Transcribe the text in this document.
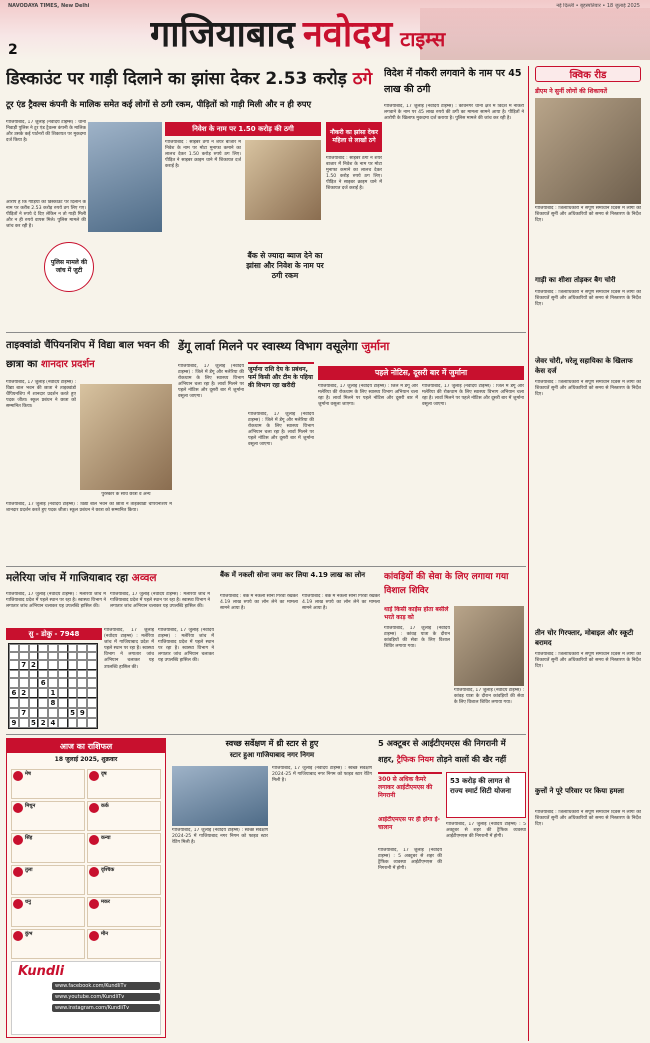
NAVODAYA TIMES, New Delhi	नई दिल्ली • बृहस्पतिवार • 18 जुलाई 2025
2	गाजियाबाद नवोदय टाइम्स
डिस्काउंट पर गाड़ी दिलाने का झांसा देकर 2.53 करोड़ ठगे
टूर एंड ट्रैवल्स कंपनी के मालिक समेत कई लोगों से ठगी रकम, पीड़ितों को गाड़ी मिली और न ही रुपए
गाजियाबाद, 17 जुलाई (नवोदय टाइम्स) : थाना निवाड़ी पुलिस ने टूर एंड ट्रैवल्स कंपनी के मालिक और उसके कई पार्टनरों की शिकायत पर मुकदमा दर्ज किया है।
आरोप है कि गाड़ियों को डिस्काउंट पर दिलाने के नाम पर करीब 2.53 करोड़ रुपये ठग लिए गए। पीड़ितों ने रुपये दे दिए लेकिन न तो गाड़ी मिली और न ही रुपये वापस मिले। पुलिस मामले की जांच कर रही है।
पुलिस मामले की जांच में जुटी
निवेश के नाम पर 1.50 करोड़ की ठगी
गाजियाबाद : साइबर ठगों ने शेयर बाजार में निवेश के नाम पर मोटा मुनाफा कमाने का लालच देकर 1.50 करोड़ रुपये ठग लिए। पीड़ित ने साइबर क्राइम थाने में शिकायत दर्ज कराई है।
बैंक से ज्यादा ब्याज देने का झांसा और निवेश के नाम पर ठगी रकम
नौकरी का झांसा देकर महिला से लाखों ठगे
गाजियाबाद : साइबर ठगों ने शेयर बाजार में निवेश के नाम पर मोटा मुनाफा कमाने का लालच देकर 1.50 करोड़ रुपये ठग लिए। पीड़ित ने साइबर क्राइम थाने में शिकायत दर्ज कराई है।
विदेश में नौकरी लगवाने के नाम पर 45 लाख की ठगी
गाजियाबाद, 17 जुलाई (नवोदय टाइम्स) : कविनगर थाना क्षेत्र में विदेश में नौकरी लगवाने के नाम पर 45 लाख रुपये की ठगी का मामला सामने आया है। पीड़ितों ने आरोपी के खिलाफ मुकदमा दर्ज कराया है। पुलिस मामले की जांच कर रही है।
क्विक रीड
डीएम ने सुनीं लोगों की शिकायतें
गाजियाबाद : जिलाधिकारी ने संपूर्ण समाधान दिवस में लोगों की शिकायतें सुनीं और अधिकारियों को समय से निस्तारण के निर्देश दिए।
गाड़ी का शीशा तोड़कर बैग चोरी
गाजियाबाद : जिलाधिकारी ने संपूर्ण समाधान दिवस में लोगों की शिकायतें सुनीं और अधिकारियों को समय से निस्तारण के निर्देश दिए।
जेवर चोरी, घरेलू सहायिका के खिलाफ केस दर्ज
गाजियाबाद : जिलाधिकारी ने संपूर्ण समाधान दिवस में लोगों की शिकायतें सुनीं और अधिकारियों को समय से निस्तारण के निर्देश दिए।
तीन चोर गिरफ्तार, मोबाइल और स्कूटी बरामद
गाजियाबाद : जिलाधिकारी ने संपूर्ण समाधान दिवस में लोगों की शिकायतें सुनीं और अधिकारियों को समय से निस्तारण के निर्देश दिए।
कुत्तों ने पूरे परिवार पर किया हमला
गाजियाबाद : जिलाधिकारी ने संपूर्ण समाधान दिवस में लोगों की शिकायतें सुनीं और अधिकारियों को समय से निस्तारण के निर्देश दिए।
ताइक्वांडो चैंपियनशिप में विद्या बाल भवन की छात्रा का शानदार प्रदर्शन
गाजियाबाद, 17 जुलाई (नवोदय टाइम्स) : विद्या बाल भवन की छात्रा ने ताइक्वांडो चैंपियनशिप में शानदार प्रदर्शन करते हुए पदक जीता। स्कूल प्रबंधन ने छात्रा को सम्मानित किया।
पुरस्कार के साथ छात्रा व अन्य
गाजियाबाद, 17 जुलाई (नवोदय टाइम्स) : विद्या बाल भवन की छात्रा ने ताइक्वांडो चैंपियनशिप में शानदार प्रदर्शन करते हुए पदक जीता। स्कूल प्रबंधन ने छात्रा को सम्मानित किया।
डेंगू लार्वा मिलने पर स्वास्थ्य विभाग वसूलेगा जुर्माना
गाजियाबाद, 17 जुलाई (नवोदय टाइम्स) : जिले में डेंगू और मलेरिया की रोकथाम के लिए स्वास्थ्य विभाग अभियान चला रहा है। लार्वा मिलने पर पहले नोटिस और दूसरी बार में जुर्माना वसूला जाएगा।
जुर्माना राशि देय के प्रबंधन, फर्म किसी और टीम के पहिया की विभाग रहा खरीदी
गाजियाबाद, 17 जुलाई (नवोदय टाइम्स) : जिले में डेंगू और मलेरिया की रोकथाम के लिए स्वास्थ्य विभाग अभियान चला रहा है। लार्वा मिलने पर पहले नोटिस और दूसरी बार में जुर्माना वसूला जाएगा।
पहले नोटिस, दूसरी बार में जुर्माना
गाजियाबाद, 17 जुलाई (नवोदय टाइम्स) : जिले में डेंगू और मलेरिया की रोकथाम के लिए स्वास्थ्य विभाग अभियान चला रहा है। लार्वा मिलने पर पहले नोटिस और दूसरी बार में जुर्माना वसूला जाएगा।
गाजियाबाद, 17 जुलाई (नवोदय टाइम्स) : जिले में डेंगू और मलेरिया की रोकथाम के लिए स्वास्थ्य विभाग अभियान चला रहा है। लार्वा मिलने पर पहले नोटिस और दूसरी बार में जुर्माना वसूला जाएगा।
मलेरिया जांच में गाजियाबाद रहा अव्वल
गाजियाबाद, 17 जुलाई (नवोदय टाइम्स) : मलेरिया जांच में गाजियाबाद प्रदेश में पहले स्थान पर रहा है। स्वास्थ्य विभाग ने लगातार जांच अभियान चलाकर यह उपलब्धि हासिल की।
गाजियाबाद, 17 जुलाई (नवोदय टाइम्स) : मलेरिया जांच में गाजियाबाद प्रदेश में पहले स्थान पर रहा है। स्वास्थ्य विभाग ने लगातार जांच अभियान चलाकर यह उपलब्धि हासिल की।
सु - डोकु - 7948
7 2
6
6 2	1
8
7	5 9
9	5 2 4
गाजियाबाद, 17 जुलाई (नवोदय टाइम्स) : मलेरिया जांच में गाजियाबाद प्रदेश में पहले स्थान पर रहा है। स्वास्थ्य विभाग ने लगातार जांच अभियान चलाकर यह उपलब्धि हासिल की।
गाजियाबाद, 17 जुलाई (नवोदय टाइम्स) : मलेरिया जांच में गाजियाबाद प्रदेश में पहले स्थान पर रहा है। स्वास्थ्य विभाग ने लगातार जांच अभियान चलाकर यह उपलब्धि हासिल की।
बैंक में नकली सोना जमा कर लिया 4.19 लाख का लोन
गाजियाबाद : बैंक में नकली सोना गिरवी रखकर 4.19 लाख रुपये का लोन लेने का मामला सामने आया है।
गाजियाबाद : बैंक में नकली सोना गिरवी रखकर 4.19 लाख रुपये का लोन लेने का मामला सामने आया है।
कांवड़ियों की सेवा के लिए लगाया गया विशाल शिविर
थाई किसी काईंस होता बसीले भरते काड़ को
गाजियाबाद, 17 जुलाई (नवोदय टाइम्स) : कांवड़ यात्रा के दौरान कांवड़ियों की सेवा के लिए विशाल शिविर लगाया गया।
गाजियाबाद, 17 जुलाई (नवोदय टाइम्स) : कांवड़ यात्रा के दौरान कांवड़ियों की सेवा के लिए विशाल शिविर लगाया गया।
आज का राशिफल
18 जुलाई 2025, शुक्रवार
मेष	वृष
मिथुन	कर्क
सिंह	कन्या
तुला	वृश्चिक
धनु	मकर
कुंभ	मीन
Kundli
www.facebook.com/KundliTv
www.youtube.com/KundliTv
www.instagram.com/KundliTv
स्वच्छ सर्वेक्षण में थ्री स्टार से हुए
स्टार हुआ गाजियाबाद नगर निगम
गाजियाबाद, 17 जुलाई (नवोदय टाइम्स) : स्वच्छ सर्वेक्षण 2024-25 में गाजियाबाद नगर निगम को फाइव स्टार रेटिंग मिली है।
गाजियाबाद, 17 जुलाई (नवोदय टाइम्स) : स्वच्छ सर्वेक्षण 2024-25 में गाजियाबाद नगर निगम को फाइव स्टार रेटिंग मिली है।
5 अक्टूबर से आईटीएमएस की निगरानी में
शहर, ट्रैफिक नियम तोड़ने वालों की खैर नहीं
300 से अधिक कैमरे लगाकर आईटीएमएस की निगरानी
आईटीएमएस पर ही होगा ई-चालान
गाजियाबाद, 17 जुलाई (नवोदय टाइम्स) : 5 अक्टूबर से शहर की ट्रैफिक व्यवस्था आईटीएमएस की निगरानी में होगी।
53 करोड़ की लागत से राज्य स्मार्ट सिटी योजना
गाजियाबाद, 17 जुलाई (नवोदय टाइम्स) : 5 अक्टूबर से शहर की ट्रैफिक व्यवस्था आईटीएमएस की निगरानी में होगी।
